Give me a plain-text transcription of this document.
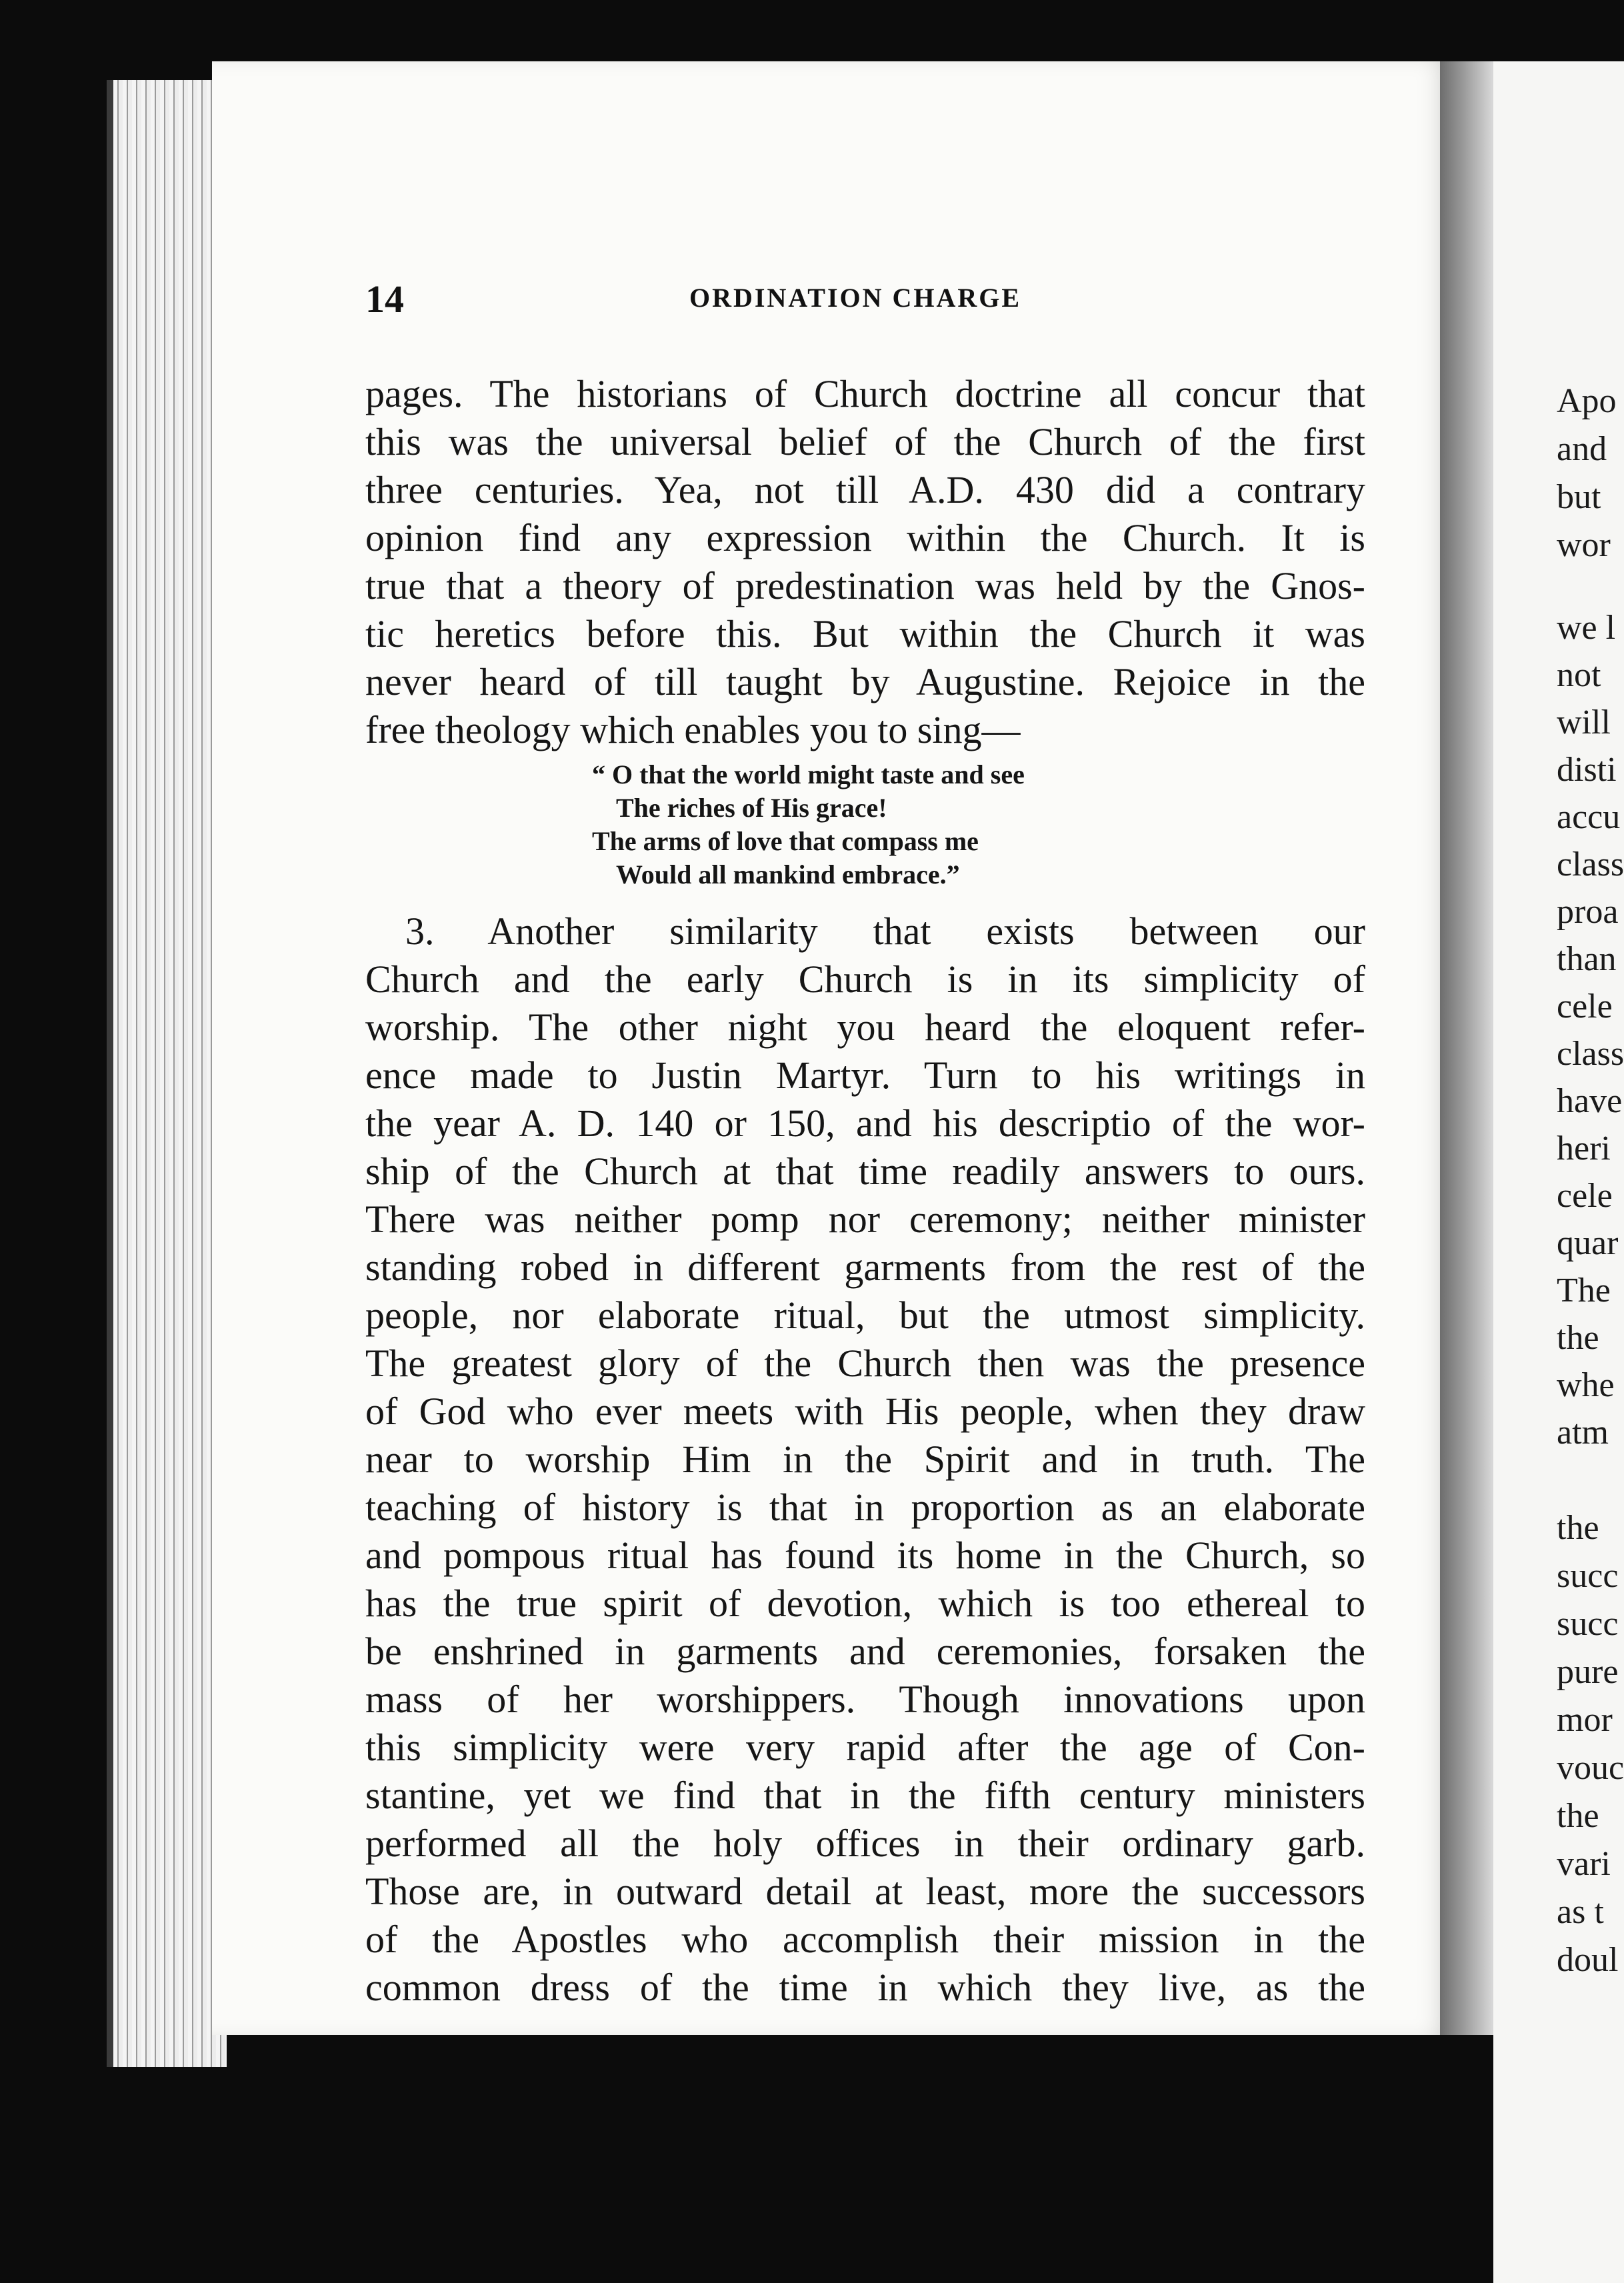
Apo
and
but
wor
we l
not
will
disti
accu
class
proa
than
cele
class
have
heri
cele
quar
The
the
whe
atm
the
succ
succ
pure
mor
vouc
the
vari
as t
doul
14	ORDINATION CHARGE
pages. The historians of Church doctrine all concur that
this was the universal belief of the Church of the first
three centuries. Yea, not till A.D. 430 did a contrary
opinion find any expression within the Church. It is
true that a theory of predestination was held by the Gnos-
tic heretics before this. But within the Church it was
never heard of till taught by Augustine. Rejoice in the
free theology which enables you to sing—
“ O that the world might taste and see
The riches of His grace!
The arms of love that compass me
Would all mankind embrace.”
3. Another similarity that exists between our
Church and the early Church is in its simplicity of
worship. The other night you heard the eloquent refer-
ence made to Justin Martyr. Turn to his writings in
the year A. D. 140 or 150, and his descriptio of the wor-
ship of the Church at that time readily answers to ours.
There was neither pomp nor ceremony; neither minister
standing robed in different garments from the rest of the
people, nor elaborate ritual, but the utmost simplicity.
The greatest glory of the Church then was the presence
of God who ever meets with His people, when they draw
near to worship Him in the Spirit and in truth. The
teaching of history is that in proportion as an elaborate
and pompous ritual has found its home in the Church, so
has the true spirit of devotion, which is too ethereal to
be enshrined in garments and ceremonies, forsaken the
mass of her worshippers. Though innovations upon
this simplicity were very rapid after the age of Con-
stantine, yet we find that in the fifth century ministers
performed all the holy offices in their ordinary garb.
Those are, in outward detail at least, more the successors
of the Apostles who accomplish their mission in the
common dress of the time in which they live, as the
